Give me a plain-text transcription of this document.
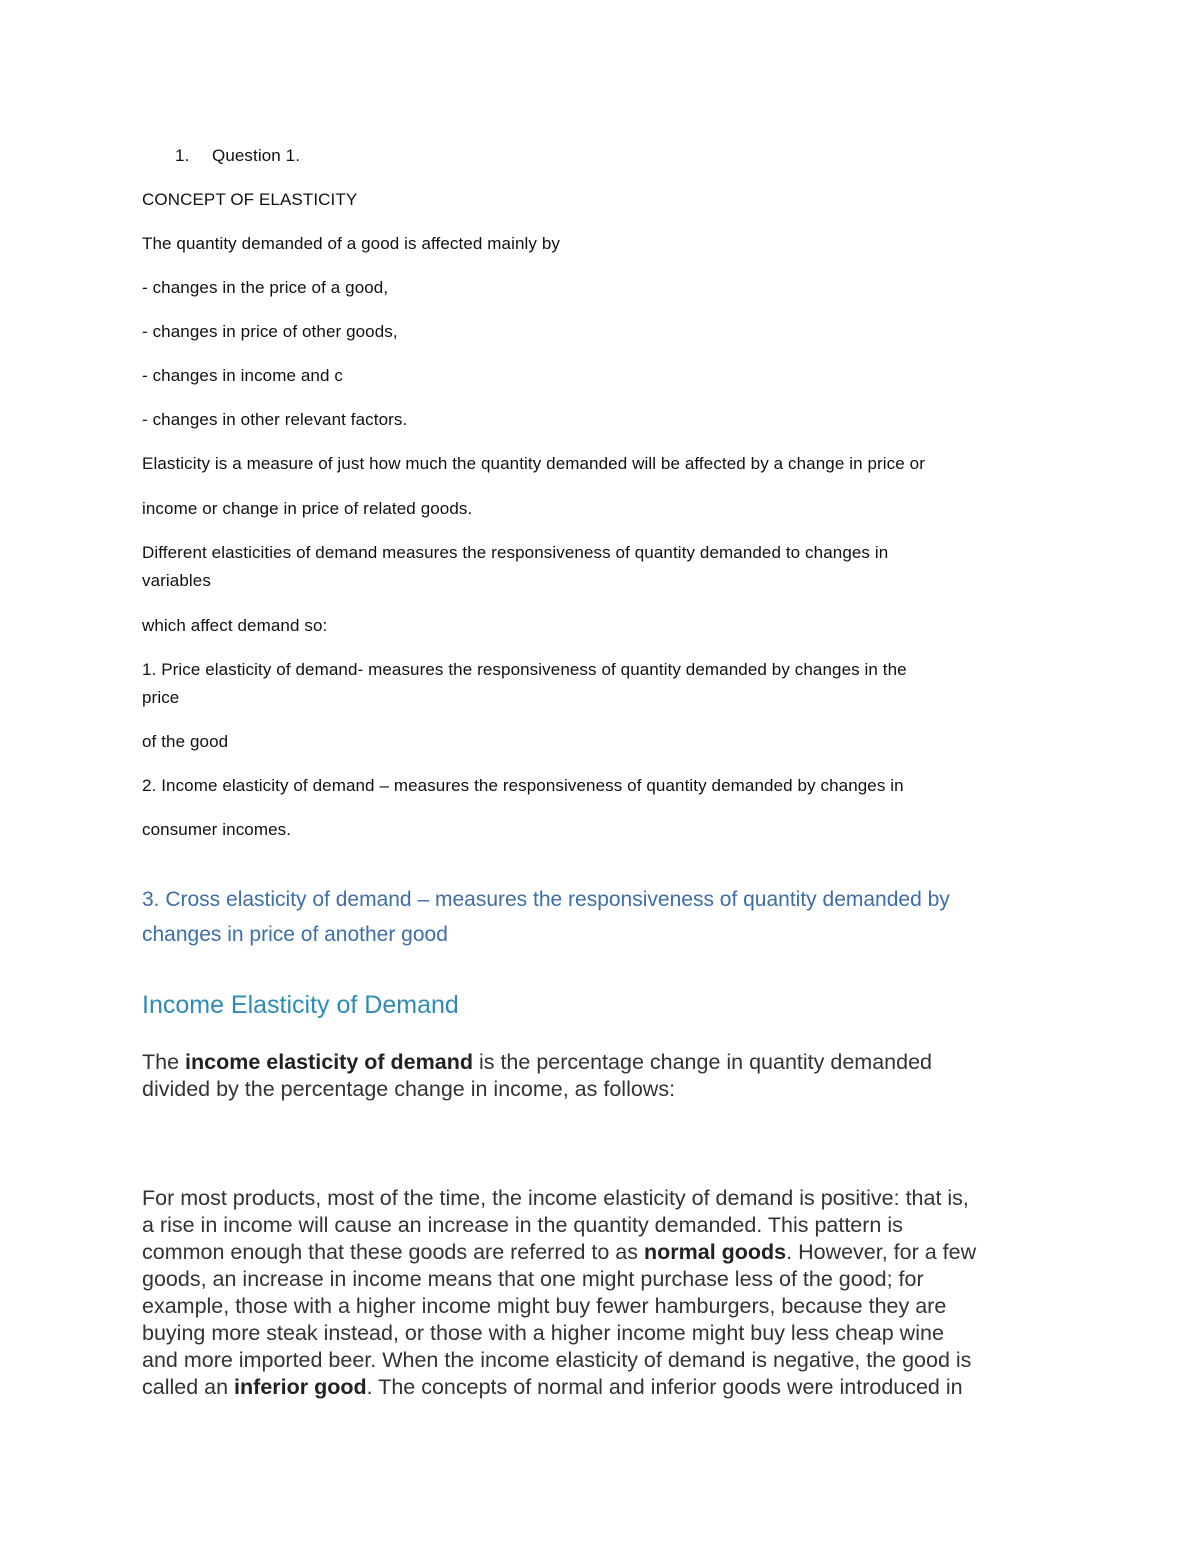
1. Question 1.
CONCEPT OF ELASTICITY
The quantity demanded of a good is affected mainly by
- changes in the price of a good,
- changes in price of other goods,
- changes in income and c
- changes in other relevant factors.
Elasticity is a measure of just how much the quantity demanded will be affected by a change in price or
income or change in price of related goods.
Different elasticities of demand measures the responsiveness of quantity demanded to changes in
variables
which affect demand so:
1. Price elasticity of demand- measures the responsiveness of quantity demanded by changes in the
price
of the good
2. Income elasticity of demand – measures the responsiveness of quantity demanded by changes in
consumer incomes.
3. Cross elasticity of demand – measures the responsiveness of quantity demanded by
changes in price of another good
Income Elasticity of Demand
The income elasticity of demand is the percentage change in quantity demanded
divided by the percentage change in income, as follows:
For most products, most of the time, the income elasticity of demand is positive: that is,
a rise in income will cause an increase in the quantity demanded. This pattern is
common enough that these goods are referred to as normal goods. However, for a few
goods, an increase in income means that one might purchase less of the good; for
example, those with a higher income might buy fewer hamburgers, because they are
buying more steak instead, or those with a higher income might buy less cheap wine
and more imported beer. When the income elasticity of demand is negative, the good is
called an inferior good. The concepts of normal and inferior goods were introduced in
